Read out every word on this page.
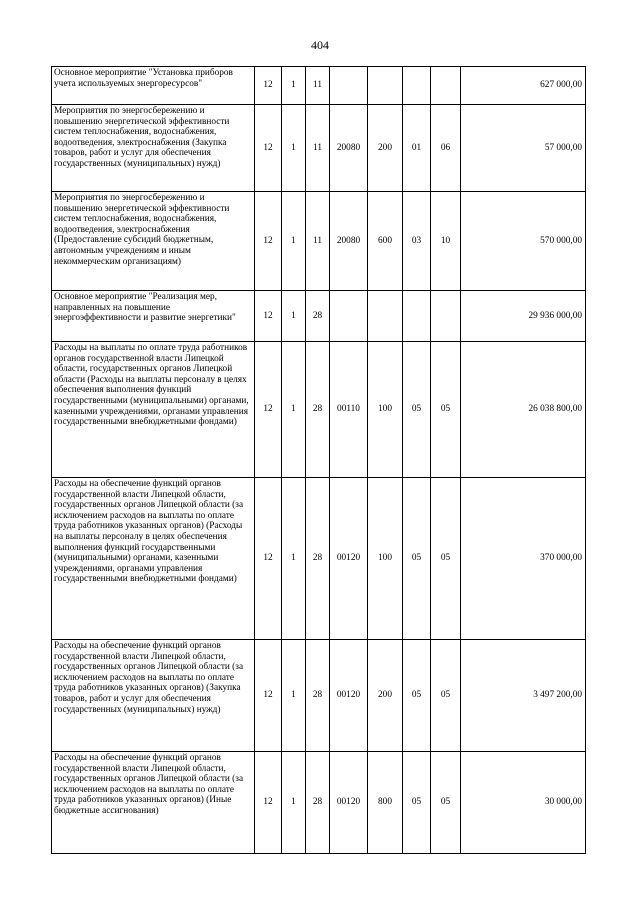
404
Основное мероприятие "Установка приборов учета используемых энергоресурсов"	12	1	11					627 000,00
Мероприятия по энергосбережению и повышению энергетической эффективности систем теплоснабжения, водоснабжения, водоотведения, электроснабжения (Закупка товаров, работ и услуг для обеспечения государственных (муниципальных) нужд)	12	1	11	20080	200	01	06	57 000,00
Мероприятия по энергосбережению и повышению энергетической эффективности систем теплоснабжения, водоснабжения, водоотведения, электроснабжения (Предоставление субсидий бюджетным, автономным учреждениям и иным некоммерческим организациям)	12	1	11	20080	600	03	10	570 000,00
Основное мероприятие "Реализация мер, направленных на повышение энергоэффективности и развитие энергетики"	12	1	28					29 936 000,00
Расходы на выплаты по оплате труда работников органов государственной власти Липецкой области, государственных органов Липецкой области (Расходы на выплаты персоналу в целях обеспечения выполнения функций государственными (муниципальными) органами, казенными учреждениями, органами управления государственными внебюджетными фондами)	12	1	28	00110	100	05	05	26 038 800,00
Расходы на обеспечение функций органов государственной власти Липецкой области, государственных органов Липецкой области (за исключением расходов на выплаты по оплате труда работников указанных органов) (Расходы на выплаты персоналу в целях обеспечения выполнения функций государственными (муниципальными) органами, казенными учреждениями, органами управления государственными внебюджетными фондами)	12	1	28	00120	100	05	05	370 000,00
Расходы на обеспечение функций органов государственной власти Липецкой области, государственных органов Липецкой области (за исключением расходов на выплаты по оплате труда работников указанных органов) (Закупка товаров, работ и услуг для обеспечения государственных (муниципальных) нужд)	12	1	28	00120	200	05	05	3 497 200,00
Расходы на обеспечение функций органов государственной власти Липецкой области, государственных органов Липецкой области (за исключением расходов на выплаты по оплате труда работников указанных органов) (Иные бюджетные ассигнования)	12	1	28	00120	800	05	05	30 000,00
